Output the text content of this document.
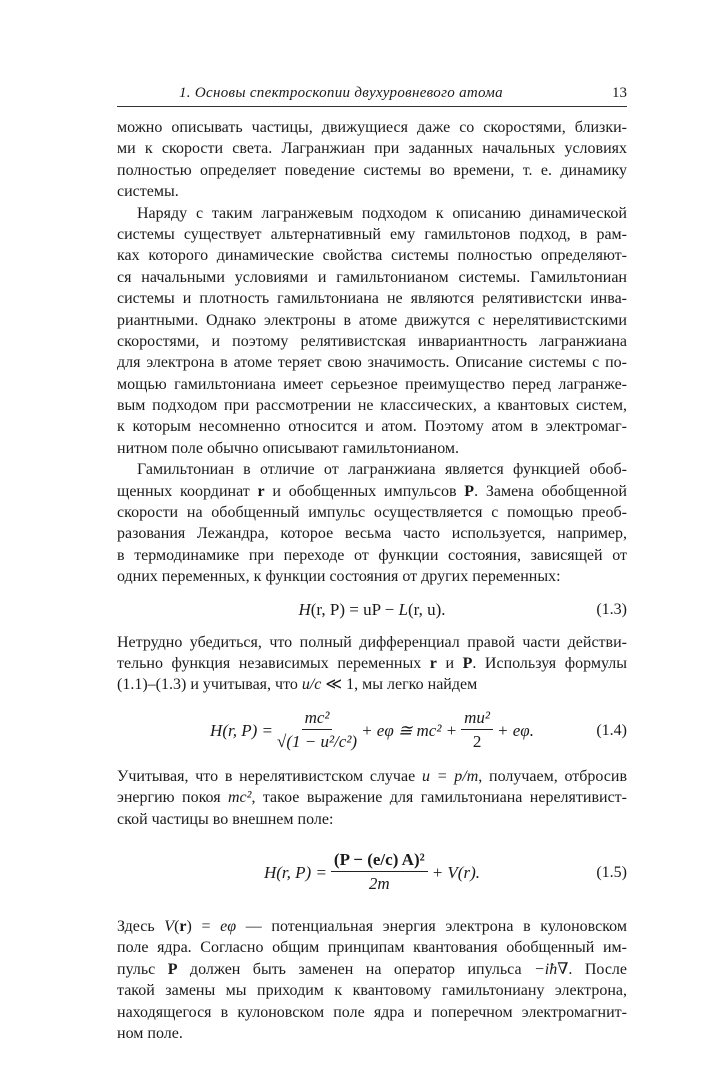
1. Основы спектроскопии двухуровневого атома	13
можно описывать частицы, движущиеся даже со скоростями, близки-
ми к скорости света. Лагранжиан при заданных начальных условиях
полностью определяет поведение системы во времени, т. е. динамику
системы.
Наряду с таким лагранжевым подходом к описанию динамической
системы существует альтернативный ему гамильтонов подход, в рам-
ках которого динамические свойства системы полностью определяют-
ся начальными условиями и гамильтонианом системы. Гамильтониан
системы и плотность гамильтониана не являются релятивистски инва-
риантными. Однако электроны в атоме движутся с нерелятивистскими
скоростями, и поэтому релятивистская инвариантность лагранжиана
для электрона в атоме теряет свою значимость. Описание системы с по-
мощью гамильтониана имеет серьезное преимущество перед лагранже-
вым подходом при рассмотрении не классических, а квантовых систем,
к которым несомненно относится и атом. Поэтому атом в электромаг-
нитном поле обычно описывают гамильтонианом.
Гамильтониан в отличие от лагранжиана является функцией обоб-
щенных координат r и обобщенных импульсов P. Замена обобщенной
скорости на обобщенный импульс осуществляется с помощью преоб-
разования Лежандра, которое весьма часто используется, например,
в термодинамике при переходе от функции состояния, зависящей от
одних переменных, к функции состояния от других переменных:
H(r, P) = uP − L(r, u).	(1.3)
Нетрудно убедиться, что полный дифференциал правой части действи-
тельно функция независимых переменных r и P. Используя формулы
(1.1)–(1.3) и учитывая, что u/c ≪ 1, мы легко найдем
H(r, $P) = \frac{\text{mc²}}{\text{√(1 − u²/c²)}} + e\varphi$ ≅ $mc^2 + \frac{\text{mu²}}{2} + e\varphi$.	(1.4)
Учитывая, что в нерелятивистском случае u = p/m, получаем, отбросив
энергию покоя mc², такое выражение для гамильтониана нерелятивист-
ской частицы во внешнем поле:
H(r, $P) = \frac{\text{(P − (e/c) A)²}}{2m} + V(r)$.	(1.5)
Здесь V(r) = eφ — потенциальная энергия электрона в кулоновском
поле ядра. Согласно общим принципам квантования обобщенный им-
пульс P должен быть заменен на оператор ипульса −iħ∇. После
такой замены мы приходим к квантовому гамильтониану электрона,
находящегося в кулоновском поле ядра и поперечном электромагнит-
ном поле.
